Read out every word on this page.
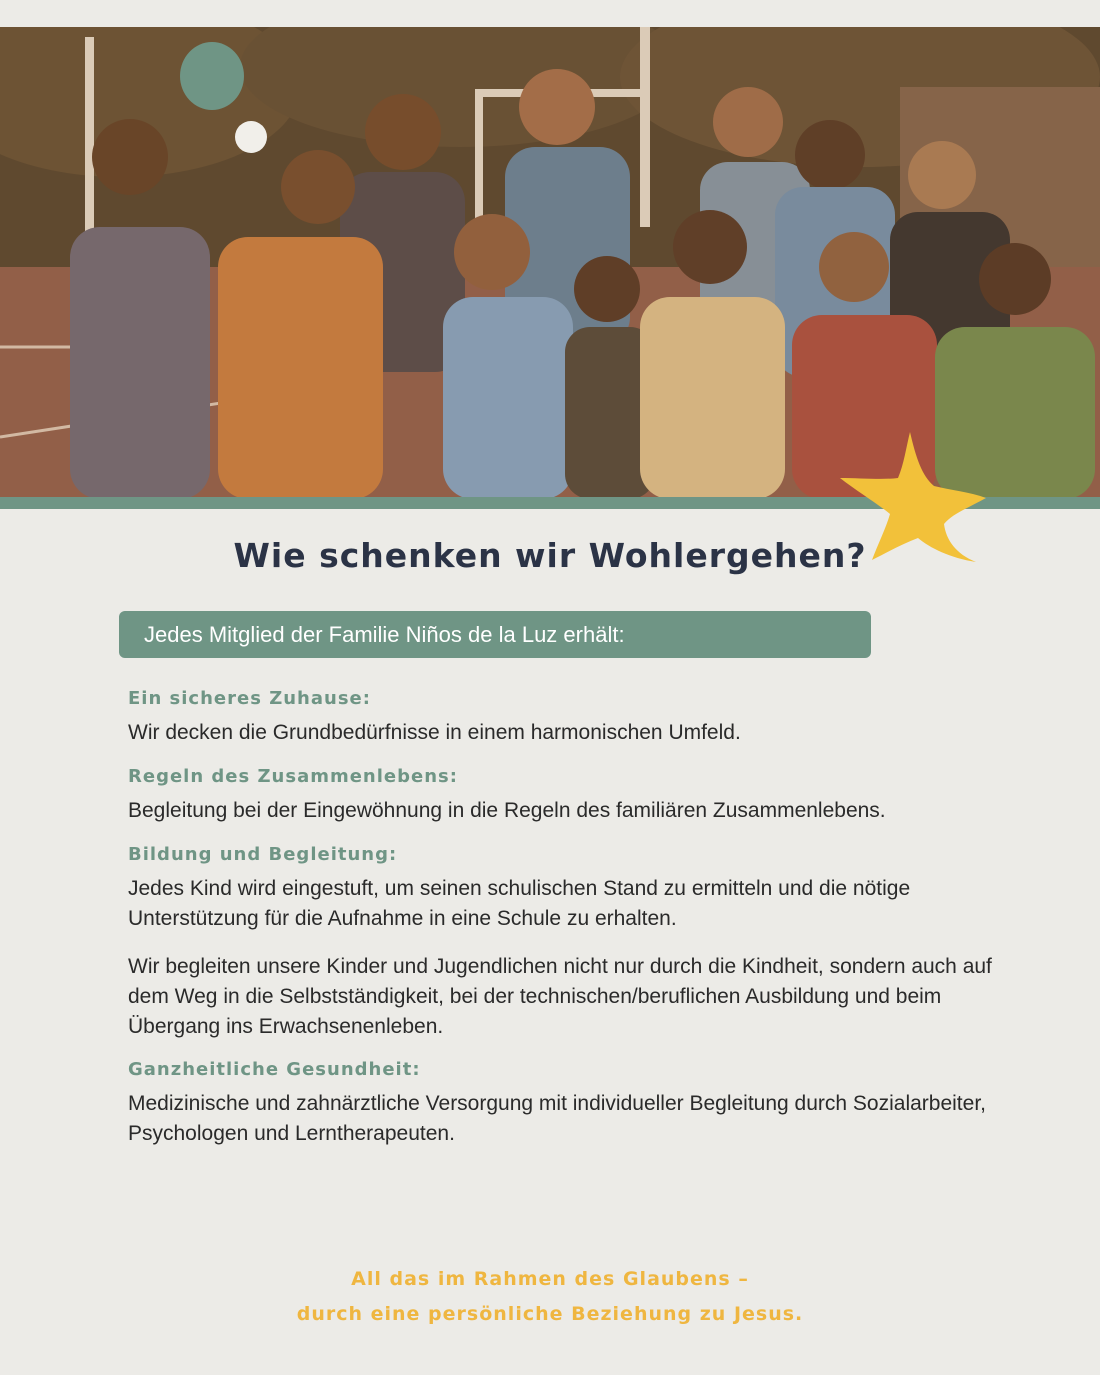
Wie schenken wir Wohlergehen?
Jedes Mitglied der Familie Niños de la Luz erhält:

Ein sicheres Zuhause:

Wir decken die Grundbedürfnisse in einem harmonischen Umfeld.

Regeln des Zusammenlebens:

Begleitung bei der Eingewöhnung in die Regeln des familiären Zusammenlebens.

Bildung und Begleitung:

Jedes Kind wird eingestuft, um seinen schulischen Stand zu ermitteln und die nötige Unterstützung für die Aufnahme in eine Schule zu erhalten.

Wir begleiten unsere Kinder und Jugendlichen nicht nur durch die Kindheit, sondern auch auf dem Weg in die Selbstständigkeit, bei der technischen/beruflichen Ausbildung und beim Übergang ins Erwachsenenleben.

Ganzheitliche Gesundheit:

Medizinische und zahnärztliche Versorgung mit individueller Begleitung durch Sozialarbeiter, Psychologen und Lerntherapeuten.

All das im Rahmen des Glaubens –
durch eine persönliche Beziehung zu Jesus.
